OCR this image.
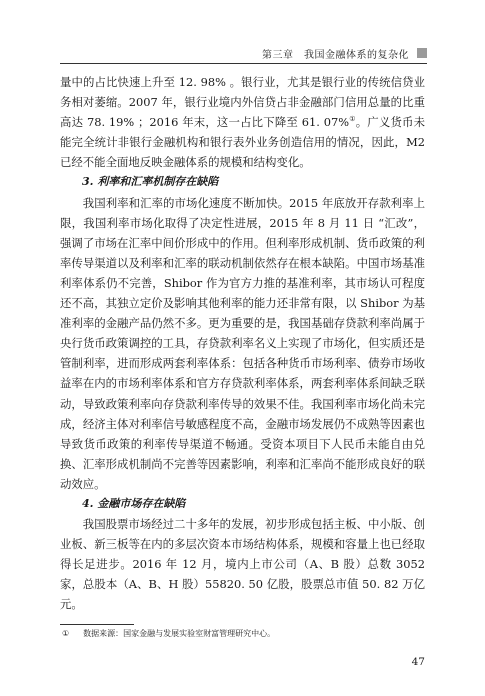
第三章　我国金融体系的复杂化

量中的占比快速上升至 12. 98% 。银行业，尤其是银行业的传统信贷业务相对萎缩。2007 年，银行业境内外信贷占非金融部门信用总量的比重高达 78. 19% ；2016 年末，这一占比下降至 61. 07%①。广义货币未能完全统计非银行金融机构和银行表外业务创造信用的情况，因此，M2 已经不能全面地反映金融体系的规模和结构变化。

3. 利率和汇率机制存在缺陷

我国利率和汇率的市场化速度不断加快。2015 年底放开存款利率上限，我国利率市场化取得了决定性进展，2015 年 8 月 11 日 “汇改”，强调了市场在汇率中间价形成中的作用。但利率形成机制、货币政策的利率传导渠道以及利率和汇率的联动机制依然存在根本缺陷。中国市场基准利率体系仍不完善，Shibor 作为官方力推的基准利率，其市场认可程度还不高，其独立定价及影响其他利率的能力还非常有限，以 Shibor 为基准利率的金融产品仍然不多。更为重要的是，我国基础存贷款利率尚属于央行货币政策调控的工具，存贷款利率名义上实现了市场化，但实质还是管制利率，进而形成两套利率体系：包括各种货币市场利率、债券市场收益率在内的市场利率体系和官方存贷款利率体系，两套利率体系间缺乏联动，导致政策利率向存贷款利率传导的效果不佳。我国利率市场化尚未完成，经济主体对利率信号敏感程度不高，金融市场发展仍不成熟等因素也导致货币政策的利率传导渠道不畅通。受资本项目下人民币未能自由兑换、汇率形成机制尚不完善等因素影响，利率和汇率尚不能形成良好的联动效应。

4. 金融市场存在缺陷

我国股票市场经过二十多年的发展，初步形成包括主板、中小版、创业板、新三板等在内的多层次资本市场结构体系，规模和容量上也已经取得长足进步。2016 年 12 月，境内上市公司（A、B 股）总数 3052 家，总股本（A、B、H 股）55820. 50 亿股，股票总市值 50. 82 万亿元。

① 数据来源：国家金融与发展实验室财富管理研究中心。
47
